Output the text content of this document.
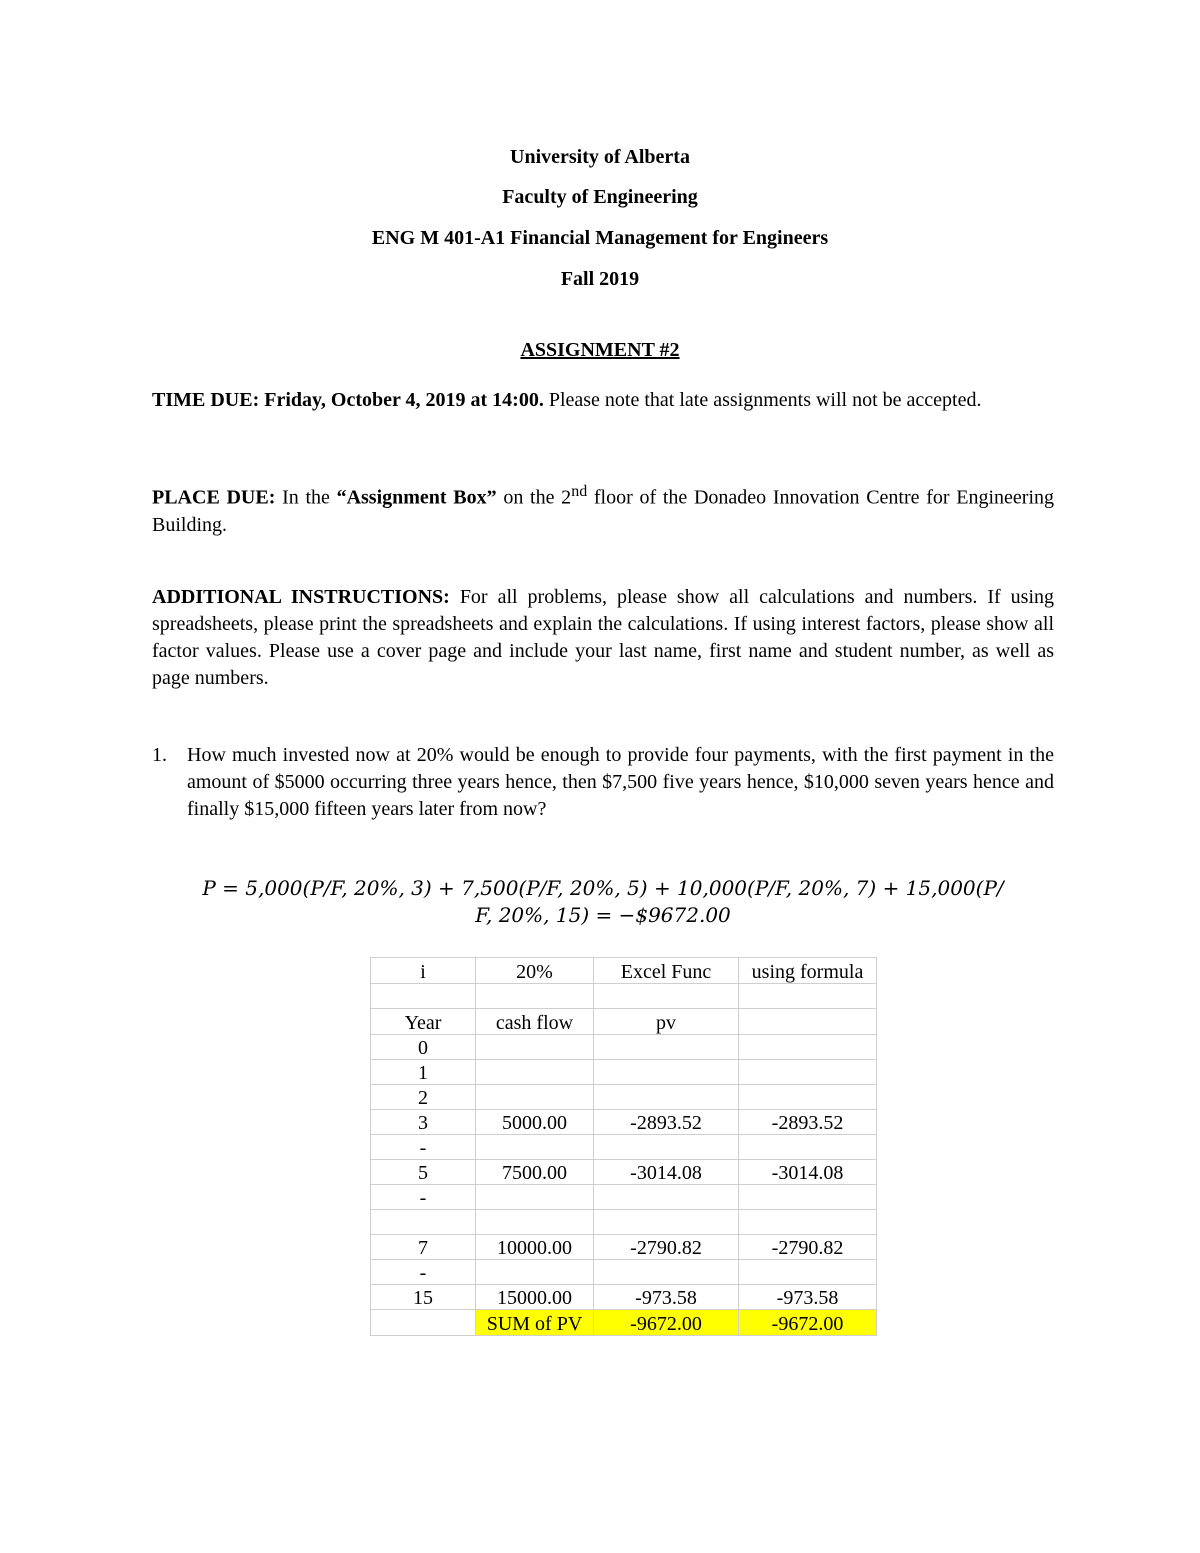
University of Alberta
Faculty of Engineering
ENG M 401-A1 Financial Management for Engineers
Fall 2019
ASSIGNMENT #2
TIME DUE: Friday, October 4, 2019 at 14:00. Please note that late assignments will not be accepted.
PLACE DUE: In the “Assignment Box” on the 2nd floor of the Donadeo Innovation Centre for Engineering Building.
ADDITIONAL INSTRUCTIONS: For all problems, please show all calculations and numbers. If using spreadsheets, please print the spreadsheets and explain the calculations. If using interest factors, please show all factor values. Please use a cover page and include your last name, first name and student number, as well as page numbers.
1. How much invested now at 20% would be enough to provide four payments, with the first payment in the amount of $5000 occurring three years hence, then $7,500 five years hence, $10,000 seven years hence and finally $15,000 fifteen years later from now?
P = 5,000(P/F, 20%, 3) + 7,500(P/F, 20%, 5) + 10,000(P/F, 20%, 7) + 15,000(P/
F, 20%, 15) = −$9672.00
i	20%	Excel Func	using formula

Year	cash flow	pv	
0			
1			
2			
3	5000.00	-2893.52	-2893.52
-			
5	7500.00	-3014.08	-3014.08
-			

7	10000.00	-2790.82	-2790.82
-			
15	15000.00	-973.58	-973.58
	SUM of PV	-9672.00	-9672.00
